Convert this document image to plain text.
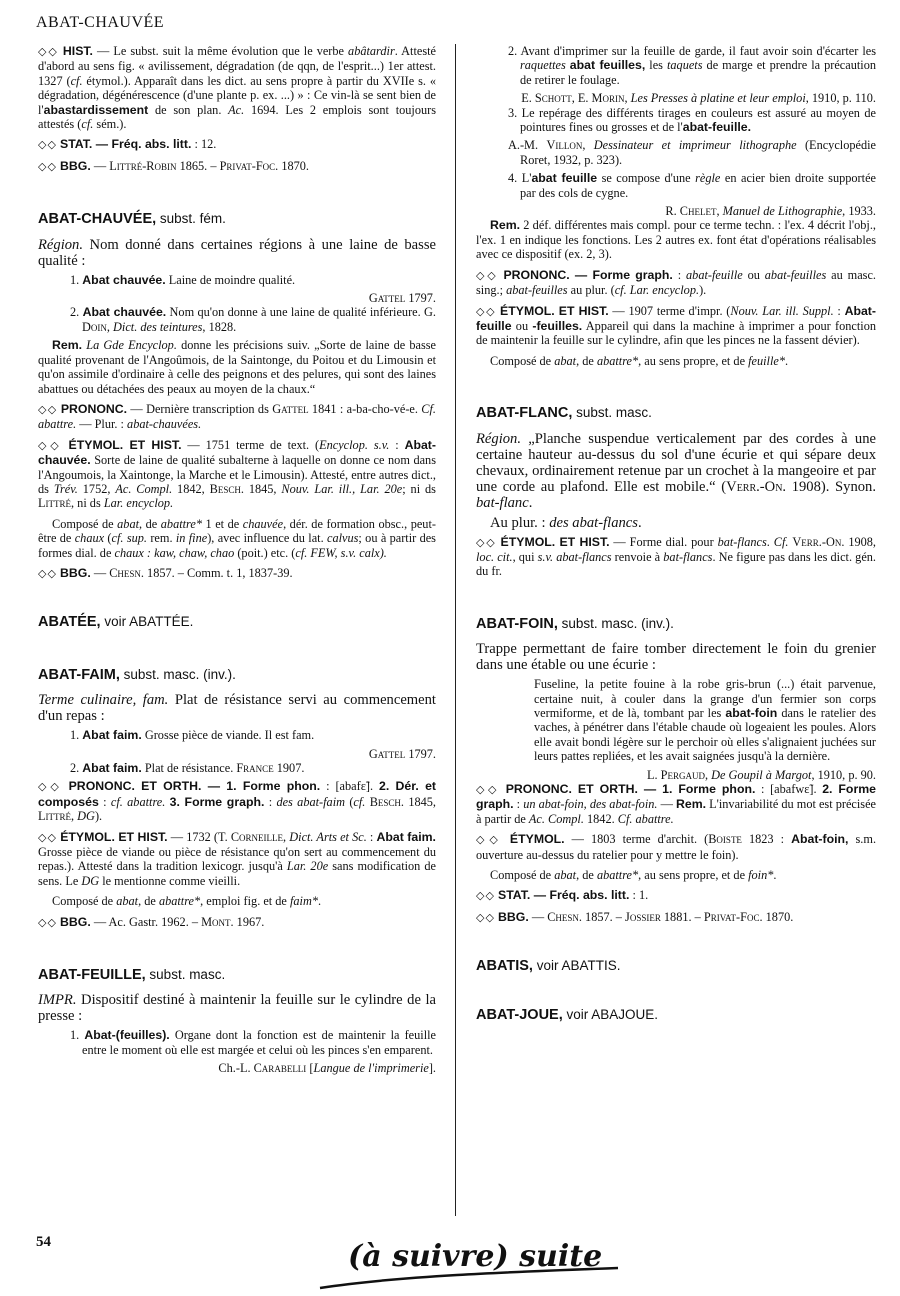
ABAT-CHAUVÉE

◇◇ HIST. — Le subst. suit la même évolution que le verbe abâtardir. Attesté d'abord au sens fig. « avilissement, dégradation (de qqn, de l'esprit...) 1er attest. 1327 (cf. étymol.). Apparaît dans les dict. au sens propre à partir du XVIIe s. « dégradation, dégénérescence (d'une plante p. ex. ...) » : Ce vin-là se sent bien de l'abastardissement de son plan. Ac. 1694. Les 2 emplois sont toujours attestés (cf. sém.).

◇◇ STAT. — Fréq. abs. litt. : 12.

◇◇ BBG. — Littré-Robin 1865. – Privat-Foc. 1870.

ABAT-CHAUVÉE, subst. fém.
Région. Nom donné dans certaines régions à une laine de basse qualité :
1. Abat chauvée. Laine de moindre qualité.
Gattel 1797.
2. Abat chauvée. Nom qu'on donne à une laine de qualité inférieure. G. Doin, Dict. des teintures, 1828.

Rem. La Gde Encyclop. donne les précisions suiv. „Sorte de laine de basse qualité provenant de l'Angoûmois, de la Saintonge, du Poitou et du Limousin et qu'on assimile d'ordinaire à celle des peignons et des pelures, qui sont des laines abattues ou détachées des peaux au moyen de la chaux.“

◇◇ PRONONC. — Dernière transcription ds Gattel 1841 : a-ba-cho-vé-e. Cf. abattre. — Plur. : abat-chauvées.

◇◇ ÉTYMOL. ET HIST. — 1751 terme de text. (Encyclop. s.v. : Abat-chauvée. Sorte de laine de qualité subalterne à laquelle on donne ce nom dans l'Angoumois, la Xaintonge, la Marche et le Limousin). Attesté, entre autres dict., ds Trév. 1752, Ac. Compl. 1842, Besch. 1845, Nouv. Lar. ill., Lar. 20e; ni ds Littré, ni ds Lar. encyclop.

Composé de abat, de abattre* 1 et de chauvée, dér. de formation obsc., peut-être de chaux (cf. sup. rem. in fine), avec influence du lat. calvus; ou à partir des formes dial. de chaux : kaw, chaw, chao (poit.) etc. (cf. FEW, s.v. calx).

◇◇ BBG. — Chesn. 1857. – Comm. t. 1, 1837-39.

ABATÉE, voir ABATTÉE.
ABAT-FAIM, subst. masc. (inv.).
Terme culinaire, fam. Plat de résistance servi au commencement d'un repas :
1. Abat faim. Grosse pièce de viande. Il est fam.
Gattel 1797.
2. Abat faim. Plat de résistance. France 1907.

◇◇ PRONONC. ET ORTH. — 1. Forme phon. : [abafɛ̃]. 2. Dér. et composés : cf. abattre. 3. Forme graph. : des abat-faim (cf. Besch. 1845, Littré, DG).

◇◇ ÉTYMOL. ET HIST. — 1732 (T. Corneille, Dict. Arts et Sc. : Abat faim. Grosse pièce de viande ou pièce de résistance qu'on sert au commencement du repas.). Attesté dans la tradition lexicogr. jusqu'à Lar. 20e sans modification de sens. Le DG le mentionne comme vieilli.

Composé de abat, de abattre*, emploi fig. et de faim*.

◇◇ BBG. — Ac. Gastr. 1962. – Mont. 1967.

ABAT-FEUILLE, subst. masc.
IMPR. Dispositif destiné à maintenir la feuille sur le cylindre de la presse :
1. Abat-(feuilles). Organe dont la fonction est de maintenir la feuille entre le moment où elle est margée et celui où les pinces s'en emparent.
Ch.-L. Carabelli [Langue de l'imprimerie].
2. Avant d'imprimer sur la feuille de garde, il faut avoir soin d'écarter les raquettes abat feuilles, les taquets de marge et prendre la précaution de retirer le foulage.
E. Schott, E. Morin, Les Presses à platine et leur emploi, 1910, p. 110.
3. Le repérage des différents tirages en couleurs est assuré au moyen de pointures fines ou grosses et de l'abat-feuille.
A.-M. Villon, Dessinateur et imprimeur lithographe (Encyclopédie Roret, 1932, p. 323).
4. L'abat feuille se compose d'une règle en acier bien droite supportée par des cols de cygne.
R. Chelet, Manuel de Lithographie, 1933.

Rem. 2 déf. différentes mais compl. pour ce terme techn. : l'ex. 4 décrit l'obj., l'ex. 1 en indique les fonctions. Les 2 autres ex. font état d'opérations réalisables avec ce dispositif (ex. 2, 3).

◇◇ PRONONC. — Forme graph. : abat-feuille ou abat-feuilles au masc. sing.; abat-feuilles au plur. (cf. Lar. encyclop.).

◇◇ ÉTYMOL. ET HIST. — 1907 terme d'impr. (Nouv. Lar. ill. Suppl. : Abat-feuille ou -feuilles. Appareil qui dans la machine à imprimer a pour fonction de maintenir la feuille sur le cylindre, afin que les pinces ne la fassent dévier).

Composé de abat, de abattre*, au sens propre, et de feuille*.

ABAT-FLANC, subst. masc.
Région. „Planche suspendue verticalement par des cordes à une certaine hauteur au-dessus du sol d'une écurie et qui sépare deux chevaux, ordinairement retenue par un crochet à la mangeoire et par une corde au plafond. Elle est mobile.“ (Verr.-On. 1908). Synon. bat-flanc.
Au plur. : des abat-flancs.

◇◇ ÉTYMOL. ET HIST. — Forme dial. pour bat-flancs. Cf. Verr.-On. 1908, loc. cit., qui s.v. abat-flancs renvoie à bat-flancs. Ne figure pas dans les dict. gén. du fr.

ABAT-FOIN, subst. masc. (inv.).
Trappe permettant de faire tomber directement le foin du grenier dans une étable ou une écurie :
Fuseline, la petite fouine à la robe gris-brun (...) était parvenue, certaine nuit, à couler dans la grange d'un fermier son corps vermiforme, et de là, tombant par les abat-foin dans le ratelier des vaches, à pénétrer dans l'étable chaude où logeaient les poules. Alors elle avait bondi légère sur le perchoir où elles s'alignaient juchées sur leurs pattes repliées, et les avait saignées jusqu'à la dernière.
L. Pergaud, De Goupil à Margot, 1910, p. 90.

◇◇ PRONONC. ET ORTH. — 1. Forme phon. : [abafwɛ̃]. 2. Forme graph. : un abat-foin, des abat-foin. — Rem. L'invariabilité du mot est précisée à partir de Ac. Compl. 1842. Cf. abattre.

◇◇ ÉTYMOL. — 1803 terme d'archit. (Boiste 1823 : Abat-foin, s.m. ouverture au-dessus du ratelier pour y mettre le foin).

Composé de abat, de abattre*, au sens propre, et de foin*.

◇◇ STAT. — Fréq. abs. litt. : 1.

◇◇ BBG. — Chesn. 1857. – Jossier 1881. – Privat-Foc. 1870.

ABATIS, voir ABATTIS.
ABAT-JOUE, voir ABAJOUE.
54	(à suivre) suite
